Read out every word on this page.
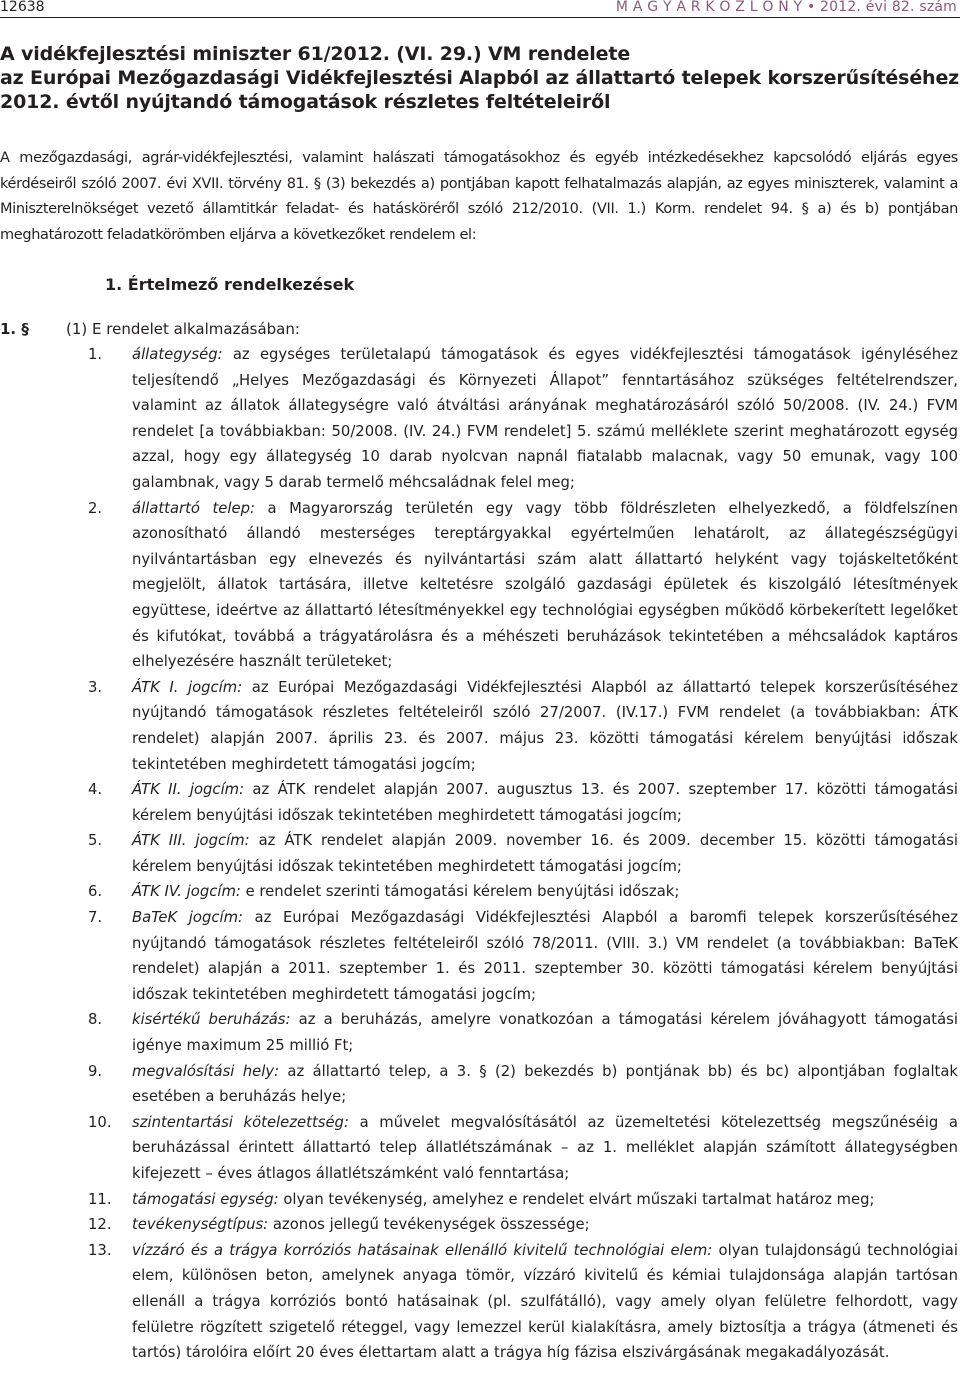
12638	M A G Y A R K Ö Z L Ö N Y • 2012. évi 82. szám
A vidékfejlesztési miniszter 61/2012. (VI. 29.) VM rendelete
az Európai Mezőgazdasági Vidékfejlesztési Alapból az állattartó telepek korszerűsítéséhez
2012. évtől nyújtandó támogatások részletes feltételeiről
A mezőgazdasági, agrár-vidékfejlesztési, valamint halászati támogatásokhoz és egyéb intézkedésekhez kapcsolódó eljárás egyes kérdéseiről szóló 2007. évi XVII. törvény 81. § (3) bekezdés a) pontjában kapott felhatalmazás alapján, az egyes miniszterek, valamint a Miniszterelnökséget vezető államtitkár feladat- és hatásköréről szóló 212/2010. (VII. 1.) Korm. rendelet 94. § a) és b) pontjában meghatározott feladatkörömben eljárva a következőket rendelem el:
1. Értelmező rendelkezések
1. § (1) E rendelet alkalmazásában:
1.	állategység: az egységes területalapú támogatások és egyes vidékfejlesztési támogatások igényléséhez teljesítendő „Helyes Mezőgazdasági és Környezeti Állapot” fenntartásához szükséges feltételrendszer, valamint az állatok állategységre való átváltási arányának meghatározásáról szóló 50/2008. (IV. 24.) FVM rendelet [a továbbiakban: 50/2008. (IV. 24.) FVM rendelet] 5. számú melléklete szerint meghatározott egység azzal, hogy egy állategység 10 darab nyolcvan napnál fiatalabb malacnak, vagy 50 emunak, vagy 100 galambnak, vagy 5 darab termelő méhcsaládnak felel meg;
2.	állattartó telep: a Magyarország területén egy vagy több földrészleten elhelyezkedő, a földfelszínen azonosítható állandó mesterséges tereptárgyakkal egyértelműen lehatárolt, az állategészségügyi nyilvántartásban egy elnevezés és nyilvántartási szám alatt állattartó helyként vagy tojáskeltetőként megjelölt, állatok tartására, illetve keltetésre szolgáló gazdasági épületek és kiszolgáló létesítmények együttese, ideértve az állattartó létesítményekkel egy technológiai egységben működő körbekerített legelőket és kifutókat, továbbá a trágyatárolásra és a méhészeti beruházások tekintetében a méhcsaládok kaptáros elhelyezésére használt területeket;
3.	ÁTK I. jogcím: az Európai Mezőgazdasági Vidékfejlesztési Alapból az állattartó telepek korszerűsítéséhez nyújtandó támogatások részletes feltételeiről szóló 27/2007. (IV.17.) FVM rendelet (a továbbiakban: ÁTK rendelet) alapján 2007. április 23. és 2007. május 23. közötti támogatási kérelem benyújtási időszak tekintetében meghirdetett támogatási jogcím;
4.	ÁTK II. jogcím: az ÁTK rendelet alapján 2007. augusztus 13. és 2007. szeptember 17. közötti támogatási kérelem benyújtási időszak tekintetében meghirdetett támogatási jogcím;
5.	ÁTK III. jogcím: az ÁTK rendelet alapján 2009. november 16. és 2009. december 15. közötti támogatási kérelem benyújtási időszak tekintetében meghirdetett támogatási jogcím;
6.	ÁTK IV. jogcím: e rendelet szerinti támogatási kérelem benyújtási időszak;
7.	BaTeK jogcím: az Európai Mezőgazdasági Vidékfejlesztési Alapból a baromfi telepek korszerűsítéséhez nyújtandó támogatások részletes feltételeiről szóló 78/2011. (VIII. 3.) VM rendelet (a továbbiakban: BaTeK rendelet) alapján a 2011. szeptember 1. és 2011. szeptember 30. közötti támogatási kérelem benyújtási időszak tekintetében meghirdetett támogatási jogcím;
8.	kisértékű beruházás: az a beruházás, amelyre vonatkozóan a támogatási kérelem jóváhagyott támogatási igénye maximum 25 millió Ft;
9.	megvalósítási hely: az állattartó telep, a 3. § (2) bekezdés b) pontjának bb) és bc) alpontjában foglaltak esetében a beruházás helye;
10.	szintentartási kötelezettség: a művelet megvalósításától az üzemeltetési kötelezettség megszűnéséig a beruházással érintett állattartó telep állatlétszámának – az 1. melléklet alapján számított állategységben kifejezett – éves átlagos állatlétszámként való fenntartása;
11.	támogatási egység: olyan tevékenység, amelyhez e rendelet elvárt műszaki tartalmat határoz meg;
12.	tevékenységtípus: azonos jellegű tevékenységek összessége;
13.	vízzáró és a trágya korróziós hatásainak ellenálló kivitelű technológiai elem: olyan tulajdonságú technológiai elem, különösen beton, amelynek anyaga tömör, vízzáró kivitelű és kémiai tulajdonsága alapján tartósan ellenáll a trágya korróziós bontó hatásainak (pl. szulfátálló), vagy amely olyan felületre felhordott, vagy felületre rögzített szigetelő réteggel, vagy lemezzel kerül kialakításra, amely biztosítja a trágya (átmeneti és tartós) tárolóira előírt 20 éves élettartam alatt a trágya híg fázisa elszivárgásának megakadályozását.
